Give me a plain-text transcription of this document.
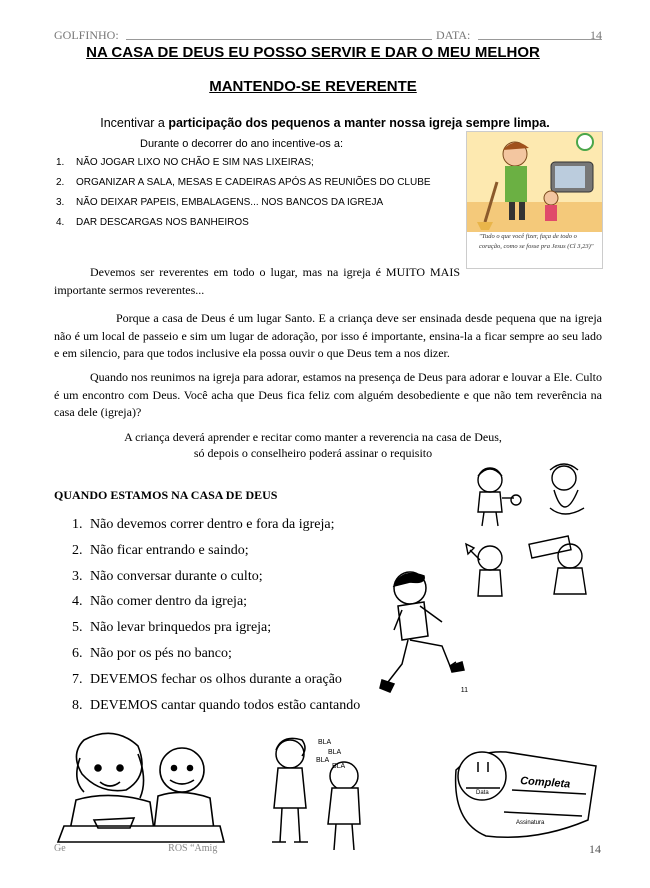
GOLFINHO:	DATA:	14
NA CASA DE DEUS EU POSSO SERVIR E DAR O MEU MELHOR
MANTENDO-SE REVERENTE
Incentivar a participação dos pequenos a manter nossa igreja sempre limpa.
Durante o decorrer do ano incentive-os a:
1. NÃO JOGAR LIXO NO CHÃO E SIM NAS LIXEIRAS;
2. ORGANIZAR A SALA, MESAS E CADEIRAS APÓS AS REUNIÕES DO CLUBE
3. NÃO DEIXAR PAPEIS, EMBALAGENS... NOS BANCOS DA IGREJA
4. DAR DESCARGAS NOS BANHEIROS
"Tudo o que você fizer, faça de todo o coração, como se fosse pra Jesus (Cl 3,23)"
Devemos ser reverentes em todo o lugar, mas na igreja é MUITO MAIS importante sermos reverentes...
Porque a casa de Deus é um lugar Santo. E a criança deve ser ensinada desde pequena que na igreja não é um local de passeio e sim um lugar de adoração, por isso é importante, ensina-la a ficar sempre ao seu lado e em silencio, para que todos inclusive ela possa ouvir o que Deus tem a nos dizer.
Quando nos reunimos na igreja para adorar, estamos na presença de Deus para adorar e louvar a Ele. Culto é um encontro com Deus. Você acha que Deus fica feliz com alguém desobediente e que não tem reverência na casa dele (igreja)?
A criança deverá aprender e recitar como manter a reverencia na casa de Deus,
só depois o conselheiro poderá assinar o requisito
QUANDO ESTAMOS NA CASA DE DEUS
1. Não devemos correr dentro e fora da igreja;
2. Não ficar entrando e saindo;
3. Não conversar durante o culto;
4. Não comer dentro da igreja;
5. Não levar brinquedos pra igreja;
6. Não por os pés no banco;
7. DEVEMOS fechar os olhos durante a oração
8. DEVEMOS cantar quando todos estão cantando
11
BLA
BLA
BLA
BLA
Completa
Data
Assinatura
Ge                                         ROS “Amig	14
